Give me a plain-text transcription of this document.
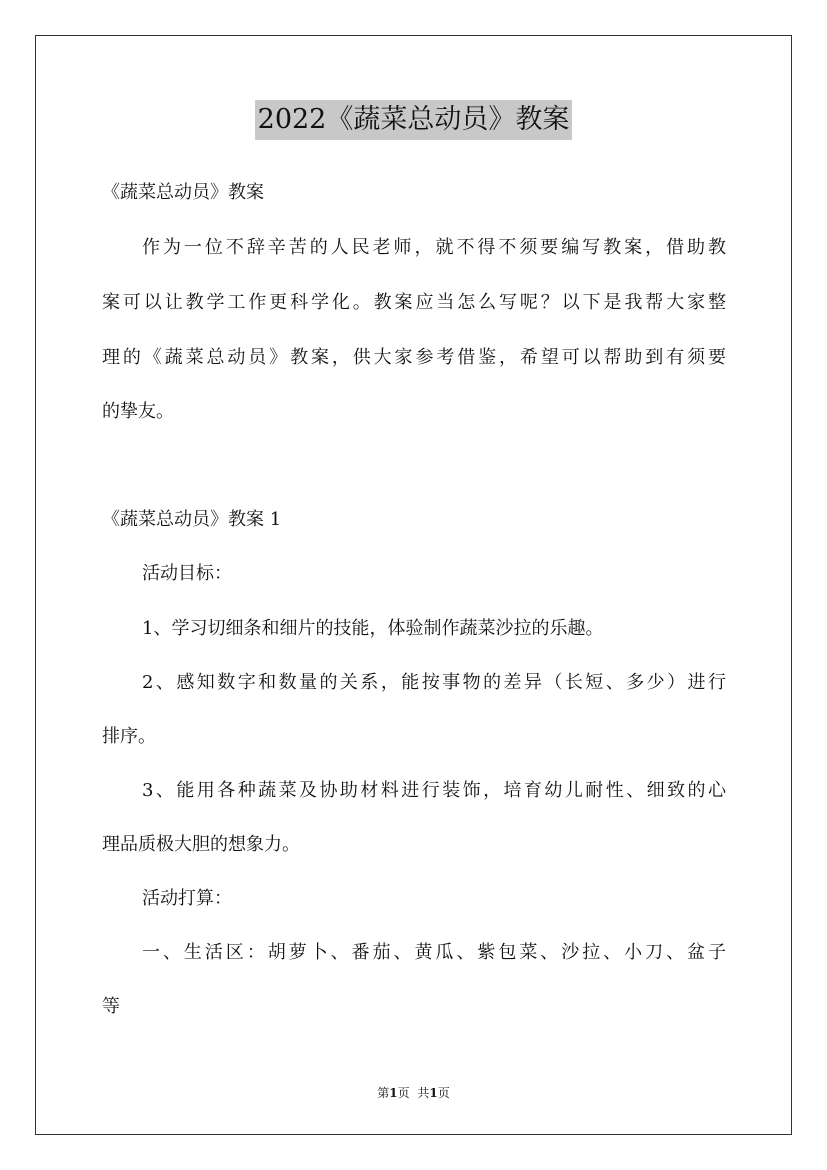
2022《蔬菜总动员》教案
《蔬菜总动员》教案
作为一位不辞辛苦的人民老师，就不得不须要编写教案，借助教
案可以让教学工作更科学化。教案应当怎么写呢？以下是我帮大家整
理的《蔬菜总动员》教案，供大家参考借鉴，希望可以帮助到有须要
的挚友。
《蔬菜总动员》教案 1
活动目标：
1、学习切细条和细片的技能，体验制作蔬菜沙拉的乐趣。
2、感知数字和数量的关系，能按事物的差异（长短、多少）进行
排序。
3、能用各种蔬菜及协助材料进行装饰，培育幼儿耐性、细致的心
理品质极大胆的想象力。
活动打算：
一、生活区：胡萝卜、番茄、黄瓜、紫包菜、沙拉、小刀、盆子
等
第1页 共1页
